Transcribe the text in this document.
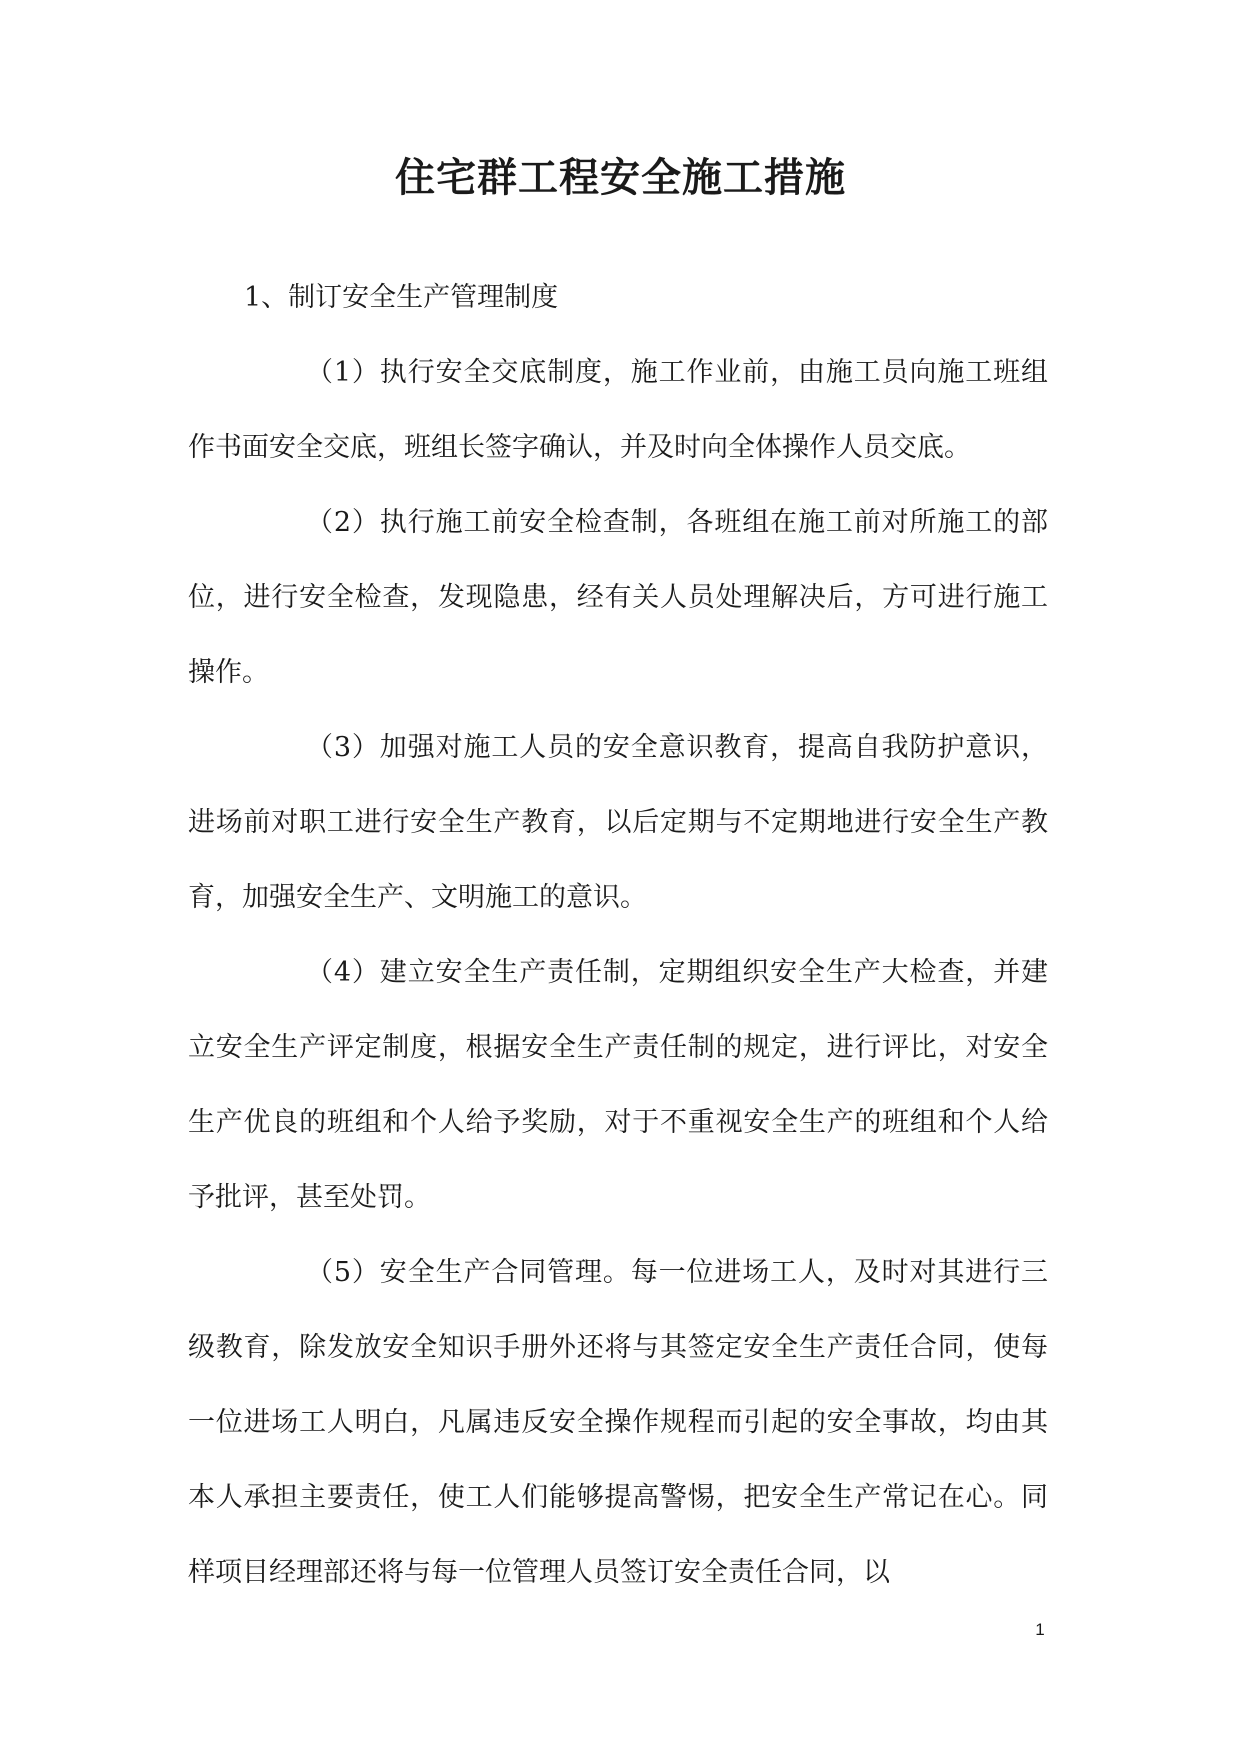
住宅群工程安全施工措施

1、制订安全生产管理制度

（1）执行安全交底制度，施工作业前，由施工员向施工班组作书面安全交底，班组长签字确认，并及时向全体操作人员交底。

（2）执行施工前安全检查制，各班组在施工前对所施工的部位，进行安全检查，发现隐患，经有关人员处理解决后，方可进行施工操作。

（3）加强对施工人员的安全意识教育，提高自我防护意识，进场前对职工进行安全生产教育，以后定期与不定期地进行安全生产教育，加强安全生产、文明施工的意识。

（4）建立安全生产责任制，定期组织安全生产大检查，并建立安全生产评定制度，根据安全生产责任制的规定，进行评比，对安全生产优良的班组和个人给予奖励，对于不重视安全生产的班组和个人给予批评，甚至处罚。

（5）安全生产合同管理。每一位进场工人，及时对其进行三级教育，除发放安全知识手册外还将与其签定安全生产责任合同，使每一位进场工人明白，凡属违反安全操作规程而引起的安全事故，均由其本人承担主要责任，使工人们能够提高警惕，把安全生产常记在心。同样项目经理部还将与每一位管理人员签订安全责任合同，以

1
